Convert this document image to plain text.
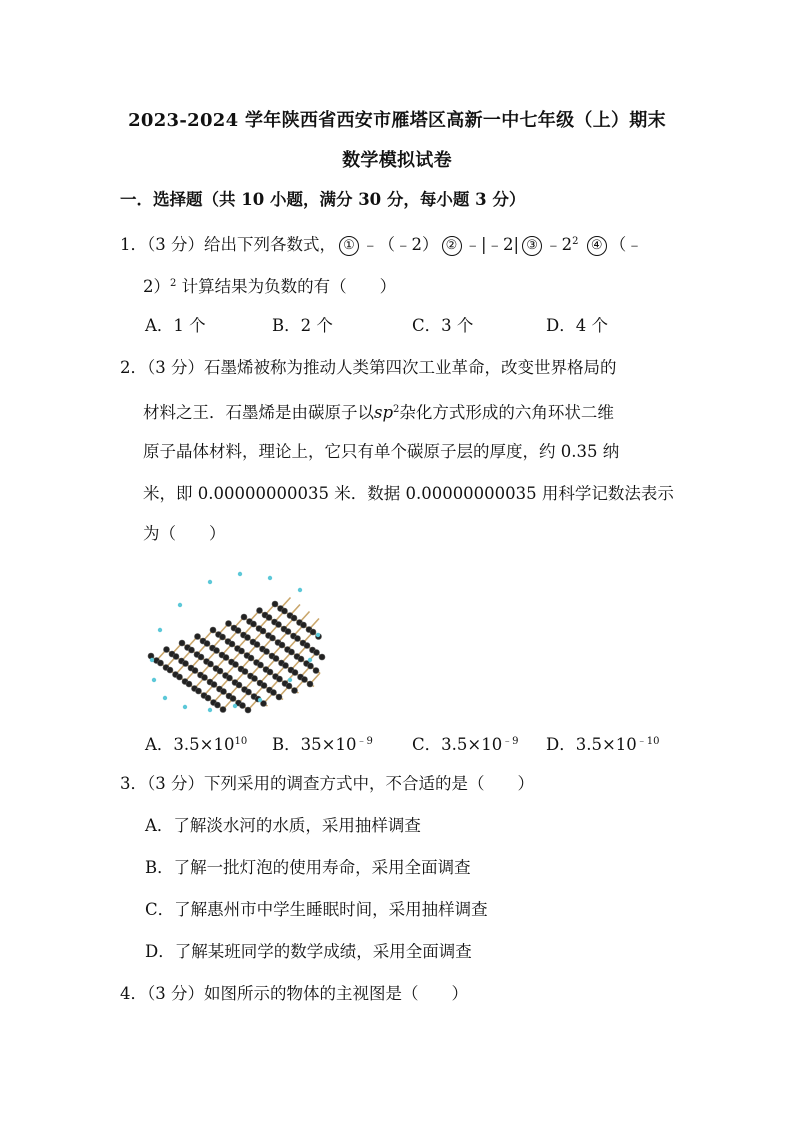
2023-2024 学年陕西省西安市雁塔区高新一中七年级（上）期末
数学模拟试卷
一．选择题（共 10 小题，满分 30 分，每小题 3 分）
1．（3 分）给出下列各数式， ① ﹣（﹣2） ② ﹣|﹣2| ③ $﹣2^2$ ④ （﹣
2）$^2$ 计算结果为负数的有（　　）
A．1 个	B．2 个	C．3 个	D．4 个
2．（3 分）石墨烯被称为推动人类第四次工业革命，改变世界格局的
材料之王．石墨烯是由碳原子以$sp^2$杂化方式形成的六角环状二维
原子晶体材料，理论上，它只有单个碳原子层的厚度，约 0.35 纳
米，即 0.00000000035 米．数据 0.00000000035 用科学记数法表示
为（　　）
A．$3.5\times 10^{10}$ B．$35\times 10^{﹣9}$ C．$3.5\times 10^{﹣9}$ D．$3.5\times 10^{﹣10}$
3．（3 分）下列采用的调查方式中，不合适的是（　　）
A．了解淡水河的水质，采用抽样调查
B．了解一批灯泡的使用寿命，采用全面调查
C．了解惠州市中学生睡眠时间，采用抽样调查
D．了解某班同学的数学成绩，采用全面调查
4．（3 分）如图所示的物体的主视图是（　　）
